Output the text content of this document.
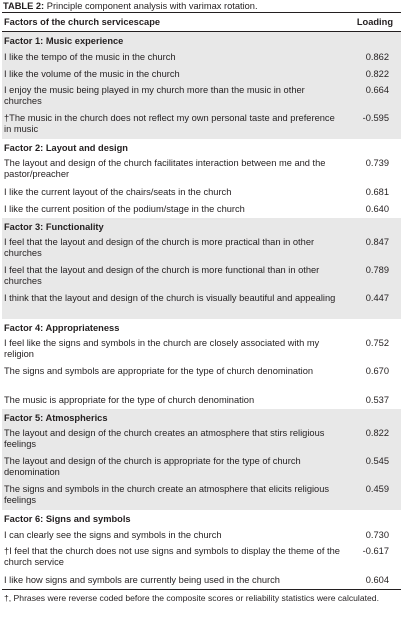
TABLE 2: Principle component analysis with varimax rotation.
Factors of the church servicescape	Loading
Factor 1: Music experience	
I like the tempo of the music in the church	0.862
I like the volume of the music in the church	0.822
I enjoy the music being played in my church more than the music in other churches	0.664
†The music in the church does not reflect my own personal taste and preference in music	-0.595
Factor 2: Layout and design	
The layout and design of the church facilitates interaction between me and the pastor/preacher	0.739
I like the current layout of the chairs/seats in the church	0.681
I like the current position of the podium/stage in the church	0.640
Factor 3: Functionality	
I feel that the layout and design of the church is more practical than in other churches	0.847
I feel that the layout and design of the church is more functional than in other churches	0.789
I think that the layout and design of the church is visually beautiful and appealing	0.447
Factor 4: Appropriateness	
I feel like the signs and symbols in the church are closely associated with my religion	0.752
The signs and symbols are appropriate for the type of church denomination	0.670
The music is appropriate for the type of church denomination	0.537
Factor 5: Atmospherics	
The layout and design of the church creates an atmosphere that stirs religious feelings	0.822
The layout and design of the church is appropriate for the type of church denomination	0.545
The signs and symbols in the church create an atmosphere that elicits religious feelings	0.459
Factor 6: Signs and symbols	
I can clearly see the signs and symbols in the church	0.730
†I feel that the church does not use signs and symbols to display the theme of the church service	-0.617
I like how signs and symbols are currently being used in the church	0.604
†, Phrases were reverse coded before the composite scores or reliability statistics were calculated.
